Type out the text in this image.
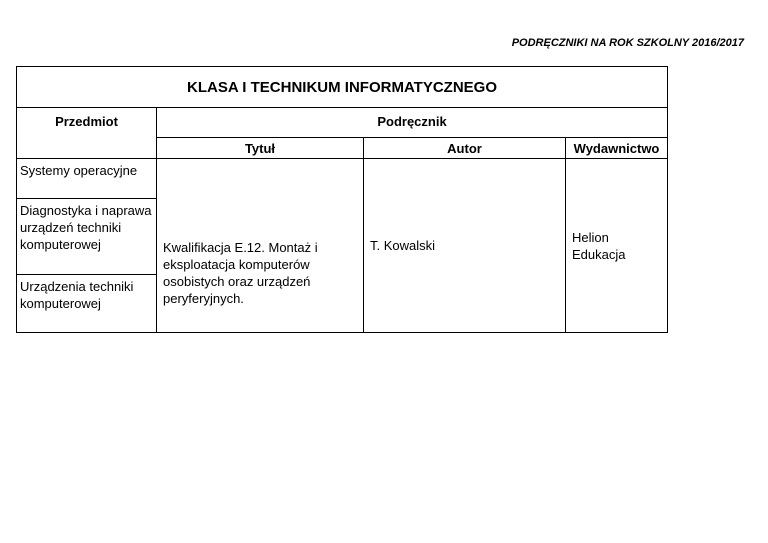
PODRĘCZNIKI NA ROK SZKOLNY 2016/2017
KLASA I TECHNIKUM INFORMATYCZNEGO			
Przedmiot	Podręcznik		
	Tytuł	Autor	Wydawnictwo
Systemy operacyjne	Kwalifikacja E.12. Montaż i eksploatacja komputerów osobistych oraz urządzeń peryferyjnych.	T. Kowalski	Helion Edukacja
Diagnostyka i naprawa urządzeń techniki komputerowej			
Urządzenia techniki komputerowej			
